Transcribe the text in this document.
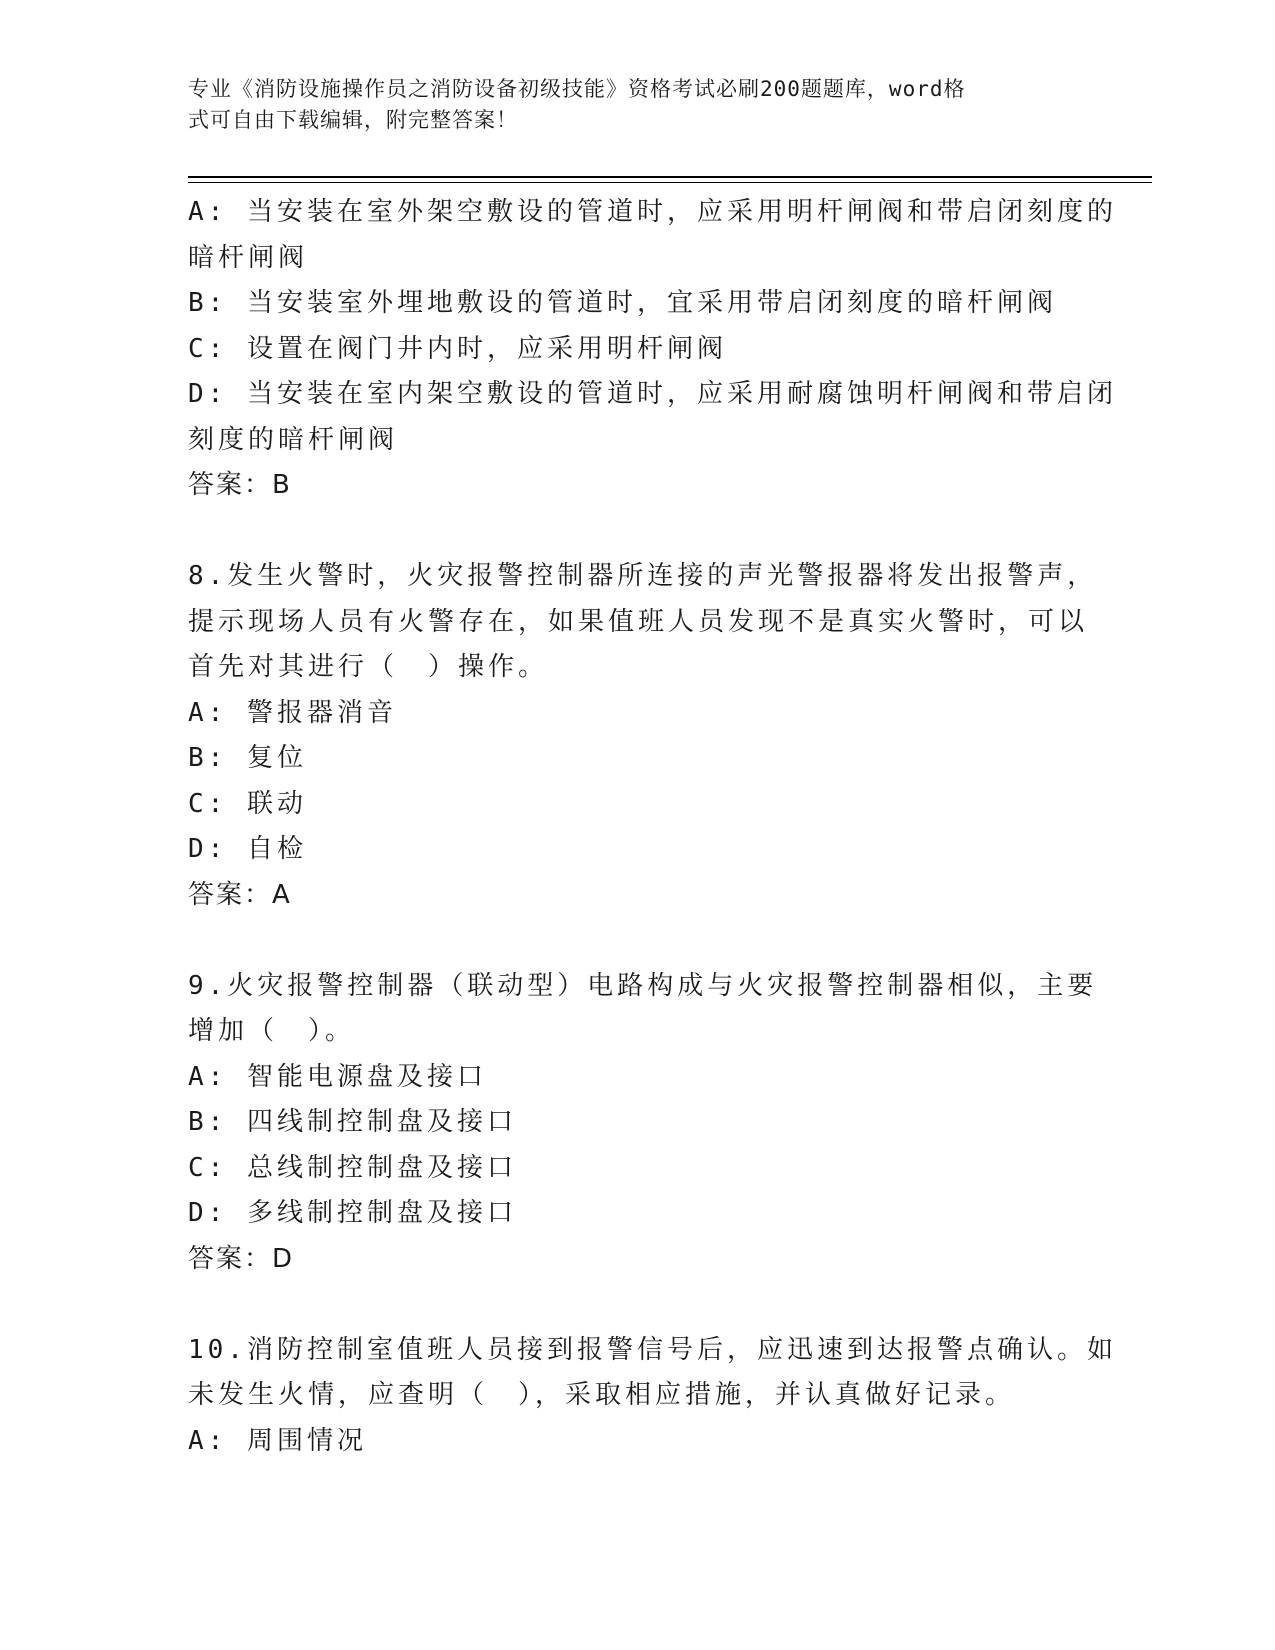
专业《消防设施操作员之消防设备初级技能》资格考试必刷200题题库，word格
式可自由下载编辑，附完整答案！
A: 当安装在室外架空敷设的管道时，应采用明杆闸阀和带启闭刻度的
暗杆闸阀
B: 当安装室外埋地敷设的管道时，宜采用带启闭刻度的暗杆闸阀
C: 设置在阀门井内时，应采用明杆闸阀
D: 当安装在室内架空敷设的管道时，应采用耐腐蚀明杆闸阀和带启闭
刻度的暗杆闸阀
答案：B
8.发生火警时，火灾报警控制器所连接的声光警报器将发出报警声，
提示现场人员有火警存在，如果值班人员发现不是真实火警时，可以
首先对其进行（　）操作。
A: 警报器消音
B: 复位
C: 联动
D: 自检
答案：A
9.火灾报警控制器（联动型）电路构成与火灾报警控制器相似，主要
增加（　）。
A: 智能电源盘及接口
B: 四线制控制盘及接口
C: 总线制控制盘及接口
D: 多线制控制盘及接口
答案：D
10.消防控制室值班人员接到报警信号后，应迅速到达报警点确认。如
未发生火情，应查明（　），采取相应措施，并认真做好记录。
A: 周围情况
